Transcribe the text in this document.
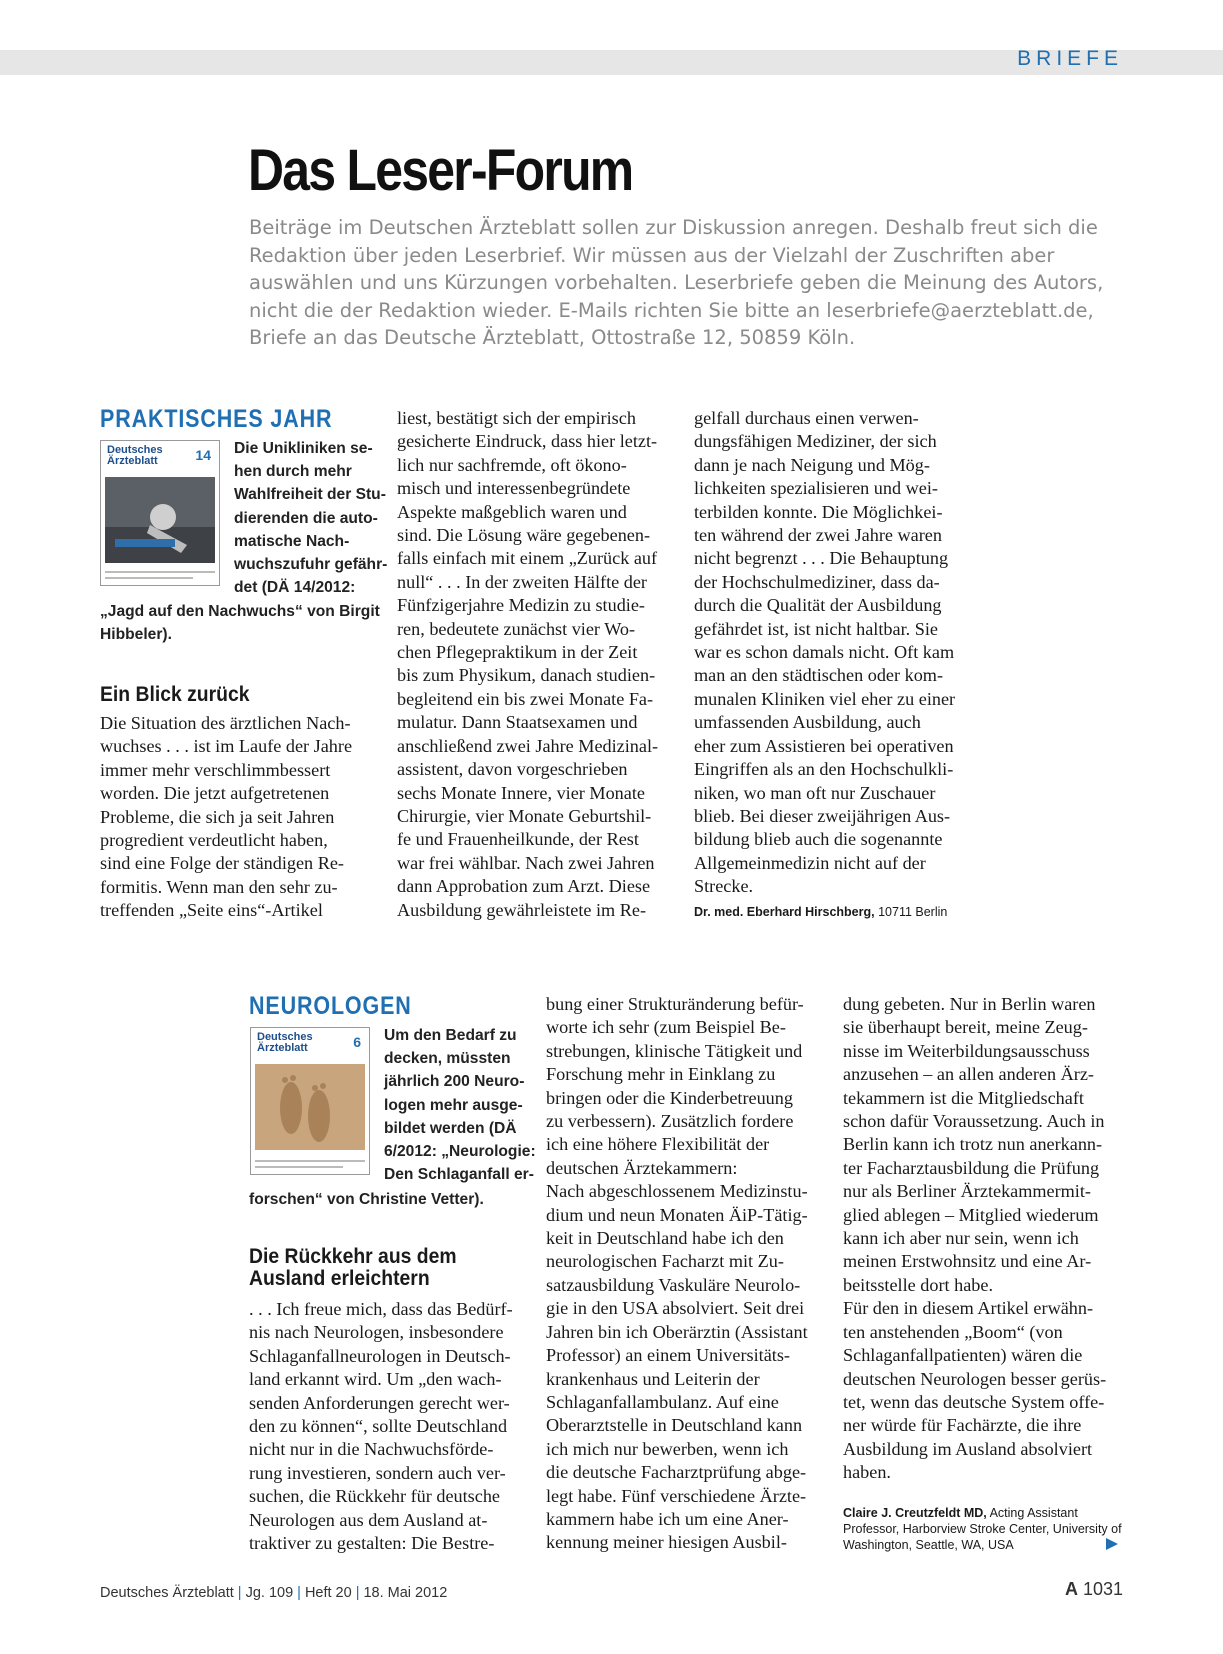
BRIEFE
Das Leser-Forum

Beiträge im Deutschen Ärzteblatt sollen zur Diskussion anregen. Deshalb freut sich die Redaktion über jeden Leserbrief. Wir müssen aus der Vielzahl der Zuschriften aber auswählen und uns Kürzungen vorbehalten. Leserbriefe geben die Meinung des Autors, nicht die der Redaktion wieder. E-Mails richten Sie bitte an leserbriefe@aerzteblatt.de, Briefe an das Deutsche Ärzteblatt, Ottostraße 12, 50859 Köln.

PRAKTISCHES JAHR
Deutsches
Ärzteblatt	14 Die Unikliniken se-
hen durch mehr
Wahlfreiheit der Stu-
dierenden die auto-
matische Nach-
wuchszufuhr gefähr-
det (DÄ 14/2012:

„Jagd auf den Nachwuchs“ von Birgit
Hibbeler).

Ein Blick zurück

Die Situation des ärztlichen Nach-
wuchses . . . ist im Laufe der Jahre
immer mehr verschlimmbessert
worden. Die jetzt aufgetretenen
Probleme, die sich ja seit Jahren
progredient verdeutlicht haben,
sind eine Folge der ständigen Re-
formitis. Wenn man den sehr zu-
treffenden „Seite eins“-Artikel

liest, bestätigt sich der empirisch
gesicherte Eindruck, dass hier letzt-
lich nur sachfremde, oft ökono-
misch und interessenbegründete
Aspekte maßgeblich waren und
sind. Die Lösung wäre gegebenen-
falls einfach mit einem „Zurück auf
null“ . . . In der zweiten Hälfte der
Fünfzigerjahre Medizin zu studie-
ren, bedeutete zunächst vier Wo-
chen Pflegepraktikum in der Zeit
bis zum Physikum, danach studien-
begleitend ein bis zwei Monate Fa-
mulatur. Dann Staatsexamen und
anschließend zwei Jahre Medizinal-
assistent, davon vorgeschrieben
sechs Monate Innere, vier Monate
Chirurgie, vier Monate Geburtshil-
fe und Frauenheilkunde, der Rest
war frei wählbar. Nach zwei Jahren
dann Approbation zum Arzt. Diese
Ausbildung gewährleistete im Re-

gelfall durchaus einen verwen-
dungsfähigen Mediziner, der sich
dann je nach Neigung und Mög-
lichkeiten spezialisieren und wei-
terbilden konnte. Die Möglichkei-
ten während der zwei Jahre waren
nicht begrenzt . . . Die Behauptung
der Hochschulmediziner, dass da-
durch die Qualität der Ausbildung
gefährdet ist, ist nicht haltbar. Sie
war es schon damals nicht. Oft kam
man an den städtischen oder kom-
munalen Kliniken viel eher zu einer
umfassenden Ausbildung, auch
eher zum Assistieren bei operativen
Eingriffen als an den Hochschulkli-
niken, wo man oft nur Zuschauer
blieb. Bei dieser zweijährigen Aus-
bildung blieb auch die sogenannte
Allgemeinmedizin nicht auf der
Strecke.

Dr. med. Eberhard Hirschberg, 10711 Berlin

NEUROLOGEN
Deutsches
Ärzteblatt	6 Um den Bedarf zu
decken, müssten
jährlich 200 Neuro-
logen mehr ausge-
bildet werden (DÄ
6/2012: „Neurologie:
Den Schlaganfall er-

forschen“ von Christine Vetter).

Die Rückkehr aus dem
Ausland erleichtern

. . . Ich freue mich, dass das Bedürf-
nis nach Neurologen, insbesondere
Schlaganfallneurologen in Deutsch-
land erkannt wird. Um „den wach-
senden Anforderungen gerecht wer-
den zu können“, sollte Deutschland
nicht nur in die Nachwuchsförde-
rung investieren, sondern auch ver-
suchen, die Rückkehr für deutsche
Neurologen aus dem Ausland at-
traktiver zu gestalten: Die Bestre-

bung einer Strukturänderung befür-
worte ich sehr (zum Beispiel Be-
strebungen, klinische Tätigkeit und
Forschung mehr in Einklang zu
bringen oder die Kinderbetreuung
zu verbessern). Zusätzlich fordere
ich eine höhere Flexibilität der
deutschen Ärztekammern:
Nach abgeschlossenem Medizinstu-
dium und neun Monaten ÄiP-Tätig-
keit in Deutschland habe ich den
neurologischen Facharzt mit Zu-
satzausbildung Vaskuläre Neurolo-
gie in den USA absolviert. Seit drei
Jahren bin ich Oberärztin (Assistant
Professor) an einem Universitäts-
krankenhaus und Leiterin der
Schlaganfallambulanz. Auf eine
Oberarztstelle in Deutschland kann
ich mich nur bewerben, wenn ich
die deutsche Facharztprüfung abge-
legt habe. Fünf verschiedene Ärzte-
kammern habe ich um eine Aner-
kennung meiner hiesigen Ausbil-

dung gebeten. Nur in Berlin waren
sie überhaupt bereit, meine Zeug-
nisse im Weiterbildungsausschuss
anzusehen – an allen anderen Ärz-
tekammern ist die Mitgliedschaft
schon dafür Voraussetzung. Auch in
Berlin kann ich trotz nun anerkann-
ter Facharztausbildung die Prüfung
nur als Berliner Ärztekammermit-
glied ablegen – Mitglied wiederum
kann ich aber nur sein, wenn ich
meinen Erstwohnsitz und eine Ar-
beitsstelle dort habe.
Für den in diesem Artikel erwähn-
ten anstehenden „Boom“ (von
Schlaganfallpatienten) wären die
deutschen Neurologen besser gerüs-
tet, wenn das deutsche System offe-
ner würde für Fachärzte, die ihre
Ausbildung im Ausland absolviert
haben.

Claire J. Creutzfeldt MD, Acting Assistant
Professor, Harborview Stroke Center, University of
Washington, Seattle, WA, USA

Deutsches Ärzteblatt | Jg. 109 | Heft 20 | 18. Mai 2012	A 1031
